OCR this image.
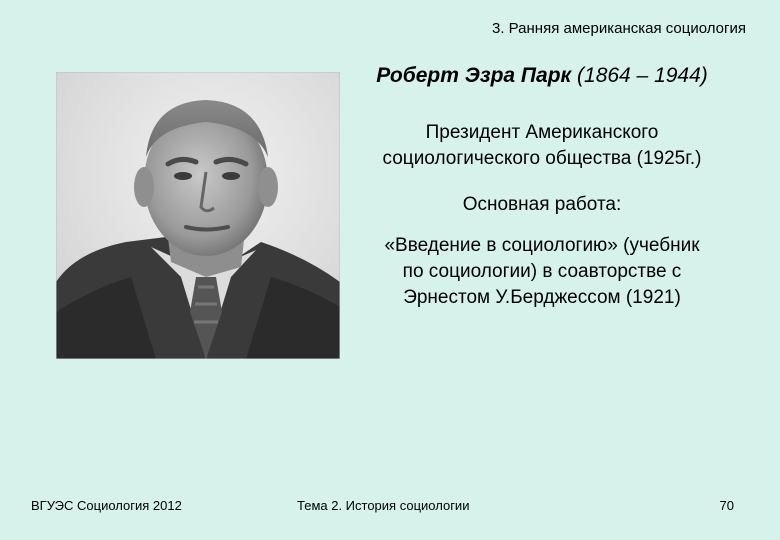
3. Ранняя американская социология
Роберт Эзра Парк (1864 – 1944)
Президент Американского
социологического общества (1925г.)
Основная работа:
«Введение в социологию» (учебник
по социологии) в соавторстве с
Эрнестом У.Берджессом (1921)
ВГУЭС Социология 2012	Тема 2. История социологии	70
